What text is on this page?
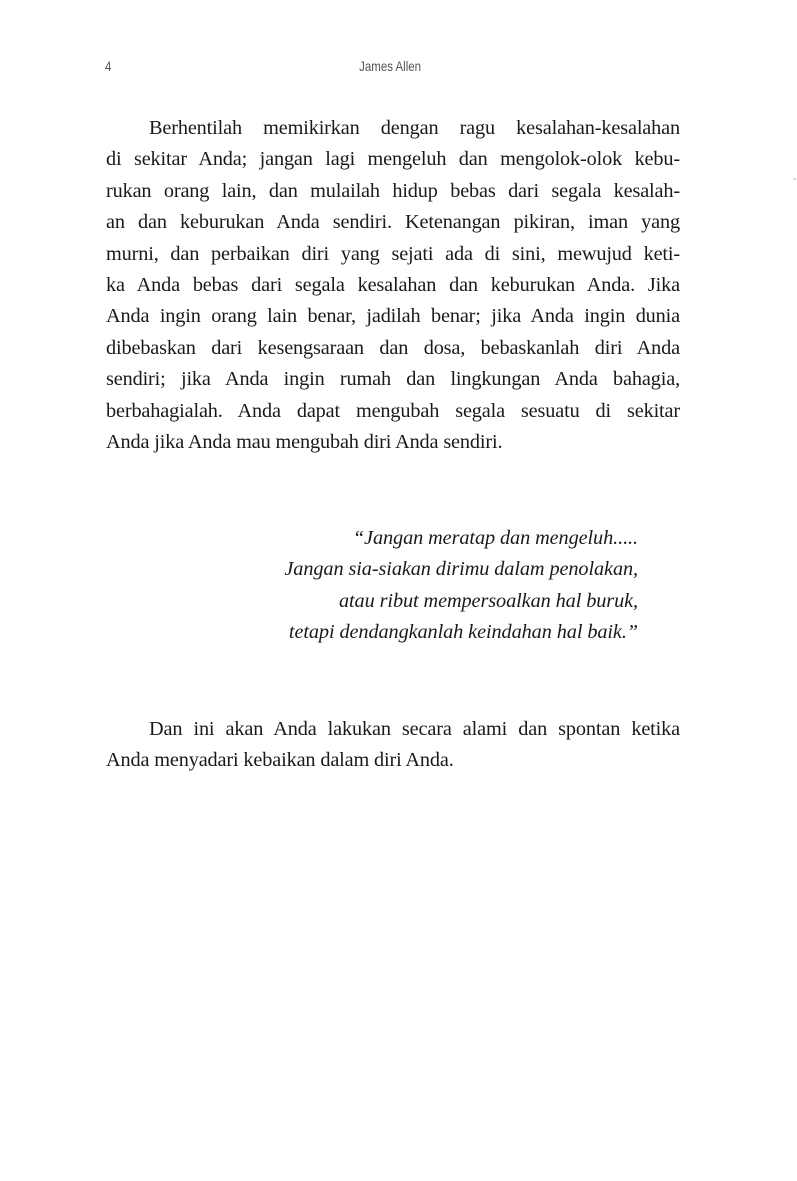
4	James Allen
Berhentilah memikirkan dengan ragu kesalahan-kesalahan
di sekitar Anda; jangan lagi mengeluh dan mengolok-olok kebu-
rukan orang lain, dan mulailah hidup bebas dari segala kesalah-
an dan keburukan Anda sendiri. Ketenangan pikiran, iman yang
murni, dan perbaikan diri yang sejati ada di sini, mewujud keti-
ka Anda bebas dari segala kesalahan dan keburukan Anda. Jika
Anda ingin orang lain benar, jadilah benar; jika Anda ingin dunia
dibebaskan dari kesengsaraan dan dosa, bebaskanlah diri Anda
sendiri; jika Anda ingin rumah dan lingkungan Anda bahagia,
berbahagialah. Anda dapat mengubah segala sesuatu di sekitar
Anda jika Anda mau mengubah diri Anda sendiri.
“Jangan meratap dan mengeluh.....
Jangan sia-siakan dirimu dalam penolakan,
atau ribut mempersoalkan hal buruk,
tetapi dendangkanlah keindahan hal baik.”
Dan ini akan Anda lakukan secara alami dan spontan ketika
Anda menyadari kebaikan dalam diri Anda.
